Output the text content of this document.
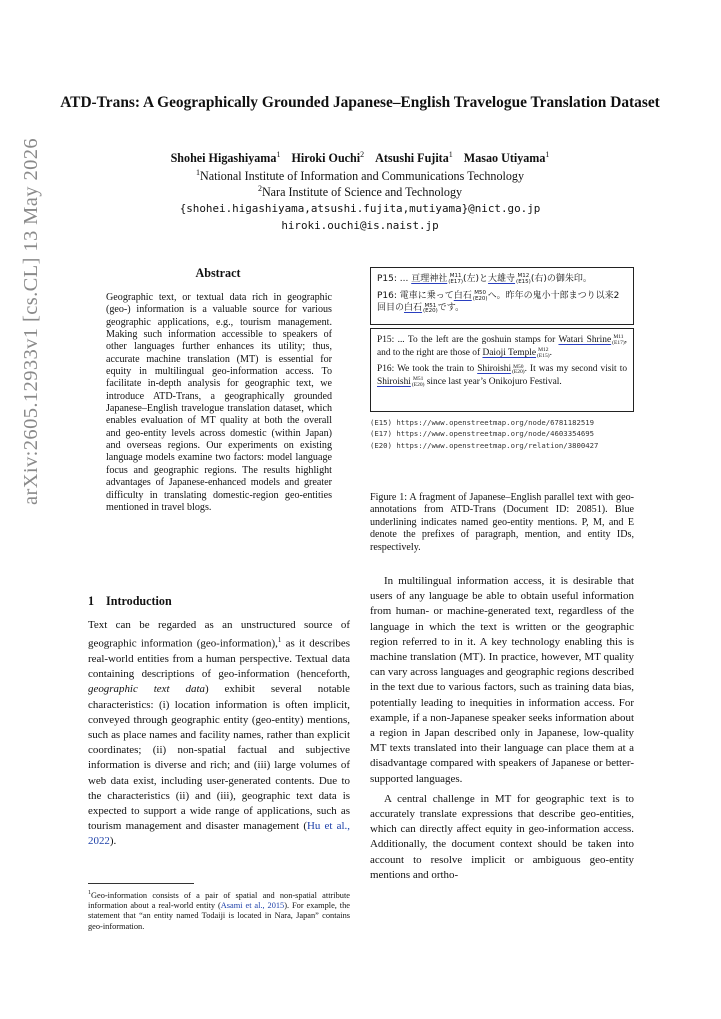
arXiv:2605.12933v1 [cs.CL] 13 May 2026
ATD-Trans: A Geographically Grounded Japanese–English Travelogue Translation Dataset
Shohei Higashiyama$^1$ Hiroki Ouchi$^2$ Atsushi Fujita$^1$ Masao Utiyama$^1$
$^1$National Institute of Information and Communications Technology
$^2$Nara Institute of Science and Technology
{shohei.higashiyama,atsushi.fujita,mutiyama}@nict.go.jp
hiroki.ouchi@is.naist.jp
Abstract
Geographic text, or textual data rich in geographic (geo-) information is a valuable source for various geographic applications, e.g., tourism management. Making such information accessible to speakers of other languages further enhances its utility; thus, accurate machine translation (MT) is essential for equity in multilingual geo-information access. To facilitate in-depth analysis for geographic text, we introduce ATD-Trans, a geographically grounded Japanese–English travelogue translation dataset, which enables evaluation of MT quality at both the overall and geo-entity levels across domestic (within Japan) and overseas regions. Our experiments on existing language models examine two factors: model language focus and geographic regions. The results highlight advantages of Japanese-enhanced models and greater difficulty in translating domestic-region geo-entities mentioned in travel blogs.
1 Introduction
Text can be regarded as an unstructured source of geographic information (geo-information),$^1$ as it describes real-world entities from a human perspective. Textual data containing descriptions of geo-information (henceforth, geographic text data) exhibit several notable characteristics: (i) location information is often implicit, conveyed through geographic entity (geo-entity) mentions, such as place names and facility names, rather than explicit coordinates; (ii) non-spatial factual and subjective information is diverse and rich; and (iii) large volumes of web data exist, including user-generated contents. Due to the characteristics (ii) and (iii), geographic text data is expected to support a wide range of applications, such as tourism management and disaster management (Hu et al., 2022).
$^1$Geo-information consists of a pair of spatial and non-spatial attribute information about a real-world entity (Asami et al., 2015). For example, the statement that “an entity named Todaiji is located in Nara, Japan” contains geo-information.

P15: ... 亘理神社 M11
(E17) (左)と大雄寺 M12
(E15) (右)の御朱印。

P16: 電車に乗って白石 M50
(E20) へ。昨年の鬼小十郎まつり以来2回目の白石 M51
(E20) です。

P15: ... To the left are the goshuin stamps for Watari Shrine M11
(E17) , and to the right are those of Daioji Temple M12
(E15) .

P16: We took the train to Shiroishi M50
(E20) . It was my second visit to Shiroishi M51
(E20) since last year’s Onikojuro Festival.

(E15) https://www.openstreetmap.org/node/6781182519
(E17) https://www.openstreetmap.org/node/4603354695
(E20) https://www.openstreetmap.org/relation/3800427
Figure 1: A fragment of Japanese–English parallel text with geo-annotations from ATD-Trans (Document ID: 20851). Blue underlining indicates named geo-entity mentions. P, M, and E denote the prefixes of paragraph, mention, and entity IDs, respectively.

In multilingual information access, it is desirable that users of any language be able to obtain useful information from human- or machine-generated text, regardless of the language in which the text is written or the geographic region referred to in it. A key technology enabling this is machine translation (MT). In practice, however, MT quality can vary across languages and geographic regions described in the text due to various factors, such as training data bias, potentially leading to inequities in information access. For example, if a non-Japanese speaker seeks information about a region in Japan described only in Japanese, low-quality MT texts translated into their language can place them at a disadvantage compared with speakers of Japanese or better-supported languages.

A central challenge in MT for geographic text is to accurately translate expressions that describe geo-entities, which can directly affect equity in geo-information access. Additionally, the document context should be taken into account to resolve implicit or ambiguous geo-entity mentions and ortho-
